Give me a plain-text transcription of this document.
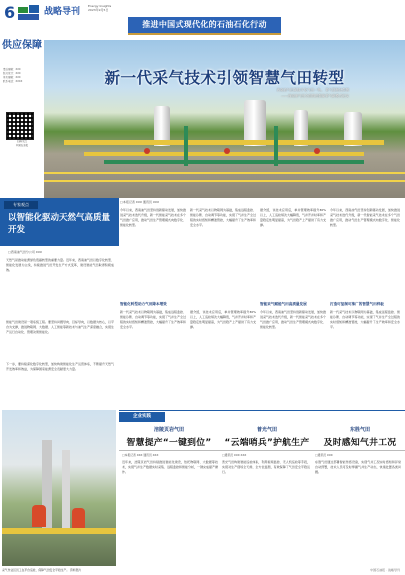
6	战略导刊
Energy Insights
2023年9月5日
推进中国式现代化的石油石化行动
供应保障
责任编辑：XXX
版式设计：XXX
美术编辑：XXX
联系电话：XXXX
扫码关注
中国石油报
新一代采气技术引领智慧气田转型
西南油气田某数字化气田一角。 采气管理处供图
——西南油气田全面推进智能采气新模式纪实
专家观点
以智能化驱动天然气高质量开发
□西南油气田分公司 XXX
天然气是推动能源绿色低碳转型的重要力量。近年来，西南油气田以数字化转型、智能化发展为主线，持续推进气田开发生产方式变革，建设智能气田取得积极成效。
智能气田建设是一项系统工程。要坚持问题导向、目标导向，以数据为核心，以平台为支撑，推进物联网、大数据、人工智能等新技术与油气生产深度融合，实现生产运行自动化、管理决策智能化。
下一步，要持续深化数字化转型，加快构建智能化生产运营体系，不断提升天然气开发效率和效益，为保障国家能源安全贡献更大力量。
□本报记者 XXX 通讯员 XXX
今年以来，西南油气田坚持创新驱动发展，加快推进采气技术迭代升级，新一代智能采气技术在多个气田推广应用，推动气田生产管理模式向数字化、智能化转型。
新一代采气技术以物联网为基础，集成远程监控、智能诊断、自动调节等功能，实现了气井生产全过程的实时感知和精准管控，大幅提升了生产效率和安全水平。
据介绍，该技术应用后，单井管理效率提升30%以上，人工巡检频次大幅降低，气井开井时率和产量稳定性明显提高，为气田稳产上产提供了有力支撑。
今年以来，西南油气田坚持创新驱动发展，加快推进采气技术迭代升级，新一代智能采气技术在多个气田推广应用，推动气田生产管理模式向数字化、智能化转型。
智能化转型助力气田降本增效
新一代采气技术以物联网为基础，集成远程监控、智能诊断、自动调节等功能，实现了气井生产全过程的实时感知和精准管控，大幅提升了生产效率和安全水平。
据介绍，该技术应用后，单井管理效率提升30%以上，人工巡检频次大幅降低，气井开井时率和产量稳定性明显提高，为气田稳产上产提供了有力支撑。
智能采气赋能气田高质量发展
今年以来，西南油气田坚持创新驱动发展，加快推进采气技术迭代升级，新一代智能采气技术在多个气田推广应用，推动气田生产管理模式向数字化、智能化转型。
打造可复制可推广的智慧气田样板
新一代采气技术以物联网为基础，集成远程监控、智能诊断、自动调节等功能，实现了气井生产全过程的实时感知和精准管控，大幅提升了生产效率和安全水平。
企业实践
涪陵页岩气田
智慧提产“一键到位”
普光气田
“云端哨兵”护航生产
东胜气田
及时感知气井工况
□本报记者 XXX 通讯员 XXX	□通讯员 XXX XXX	□通讯员 XXX
近年来，涪陵页岩气田持续推进智能化建设，依托物联网、大数据等技术，实现气井生产数据实时采集、远程监控和智能分析，一键完成提产操作。
普光气田构建智能巡检体系，利用视频监控、无人机巡检等手段，实现对生产现场全天候、全方位监测，有效保障了气田安全平稳运行。
东胜气田通过部署智能传感设备，实现气井工况实时感知和异常自动预警，技术人员可及时掌握气井生产动态，快速处置各类问题。
采气作业区员工在平台巡检，保障气田安全平稳生产。 资料图片	中国石油报 · 战略导刊
